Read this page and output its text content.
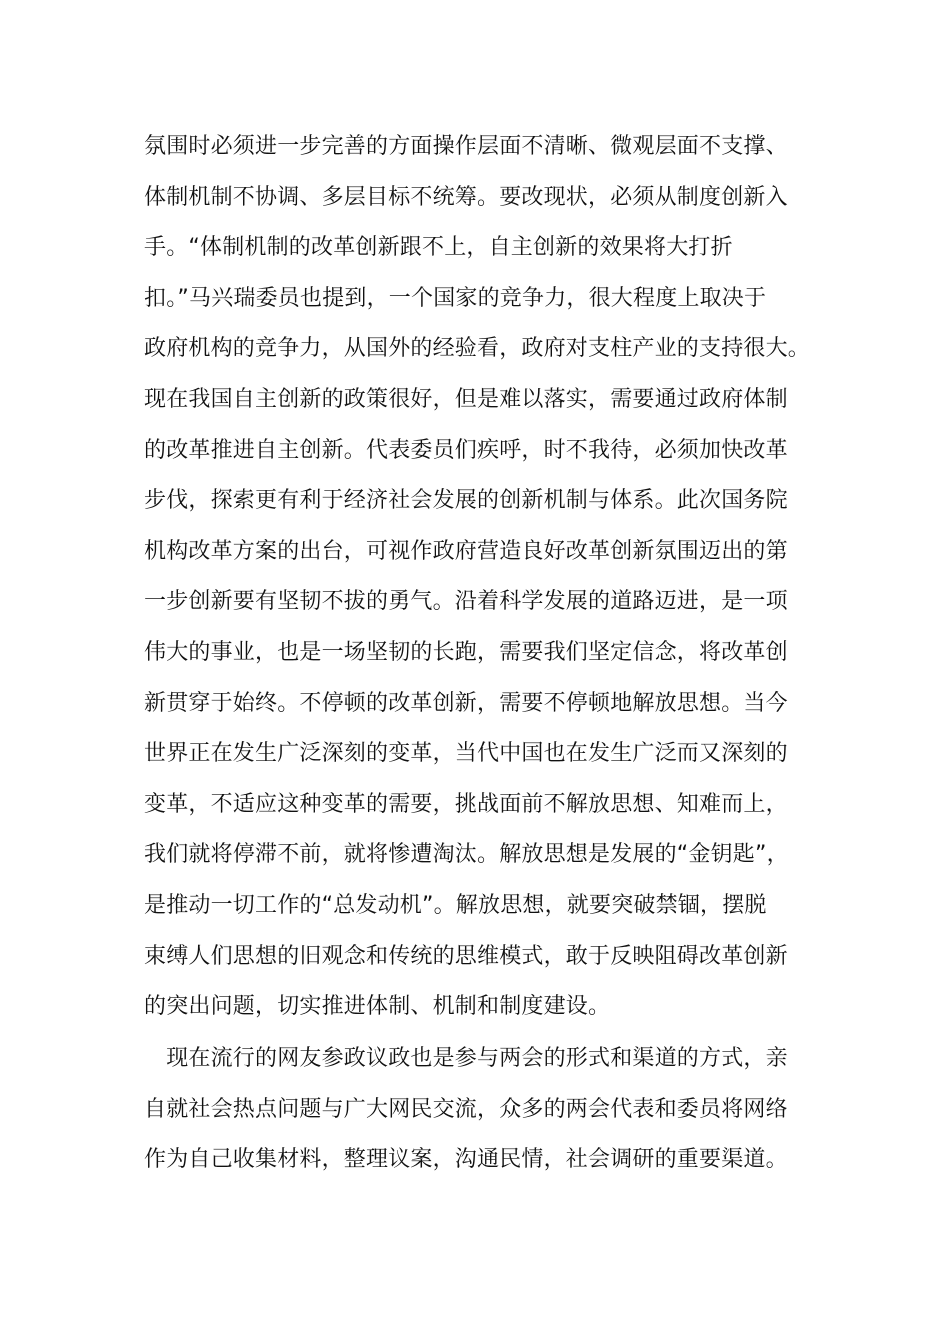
氛围时必须进一步完善的方面操作层面不清晰、微观层面不支撑、
体制机制不协调、多层目标不统筹。要改现状，必须从制度创新入
手。“体制机制的改革创新跟不上，自主创新的效果将大打折
扣。”马兴瑞委员也提到，一个国家的竞争力，很大程度上取决于
政府机构的竞争力，从国外的经验看，政府对支柱产业的支持很大。
现在我国自主创新的政策很好，但是难以落实，需要通过政府体制
的改革推进自主创新。代表委员们疾呼，时不我待，必须加快改革
步伐，探索更有利于经济社会发展的创新机制与体系。此次国务院
机构改革方案的出台，可视作政府营造良好改革创新氛围迈出的第
一步创新要有坚韧不拔的勇气。沿着科学发展的道路迈进，是一项
伟大的事业，也是一场坚韧的长跑，需要我们坚定信念，将改革创
新贯穿于始终。不停顿的改革创新，需要不停顿地解放思想。当今
世界正在发生广泛深刻的变革，当代中国也在发生广泛而又深刻的
变革，不适应这种变革的需要，挑战面前不解放思想、知难而上，
我们就将停滞不前，就将惨遭淘汰。解放思想是发展的“金钥匙”，
是推动一切工作的“总发动机”。解放思想，就要突破禁锢，摆脱
束缚人们思想的旧观念和传统的思维模式，敢于反映阻碍改革创新
的突出问题，切实推进体制、机制和制度建设。
　现在流行的网友参政议政也是参与两会的形式和渠道的方式，亲
自就社会热点问题与广大网民交流，众多的两会代表和委员将网络
作为自己收集材料，整理议案，沟通民情，社会调研的重要渠道。
